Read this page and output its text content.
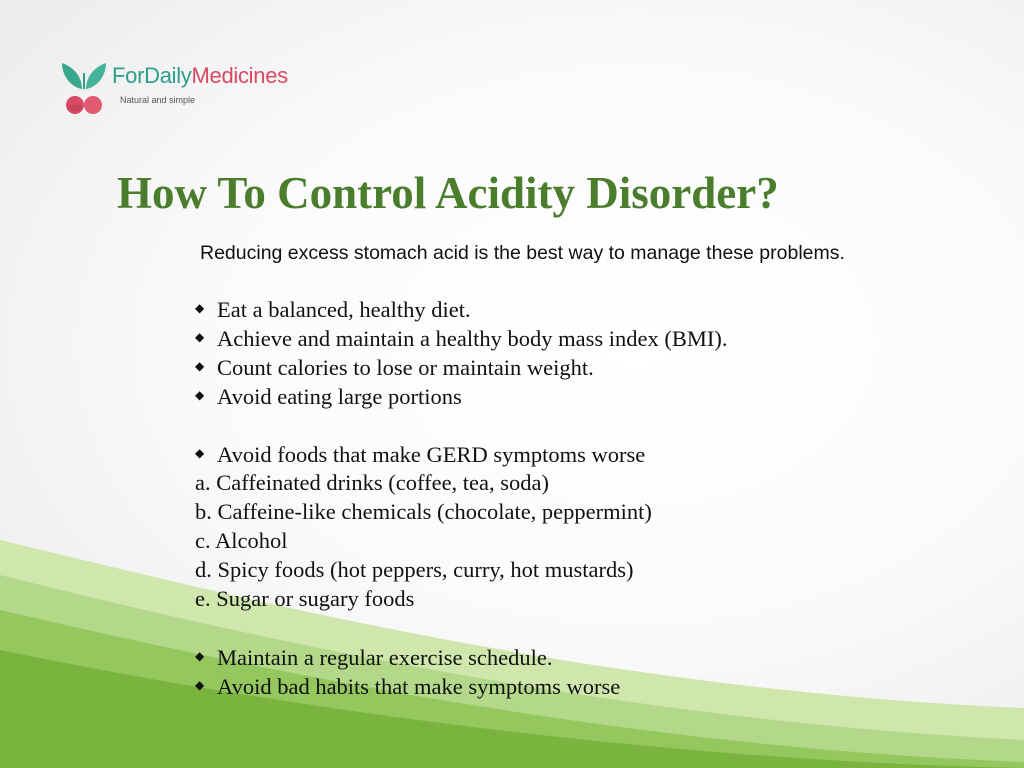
ForDailyMedicines
Natural and simple
How To Control Acidity Disorder?
Reducing excess stomach acid is the best way to manage these problems.
◆ Eat a balanced, healthy diet.
◆ Achieve and maintain a healthy body mass index (BMI).
◆ Count calories to lose or maintain weight.
◆ Avoid eating large portions
◆ Avoid foods that make GERD symptoms worse
a. Caffeinated drinks (coffee, tea, soda)
b. Caffeine-like chemicals (chocolate, peppermint)
c. Alcohol
d. Spicy foods (hot peppers, curry, hot mustards)
e. Sugar or sugary foods
◆ Maintain a regular exercise schedule.
◆ Avoid bad habits that make symptoms worse
